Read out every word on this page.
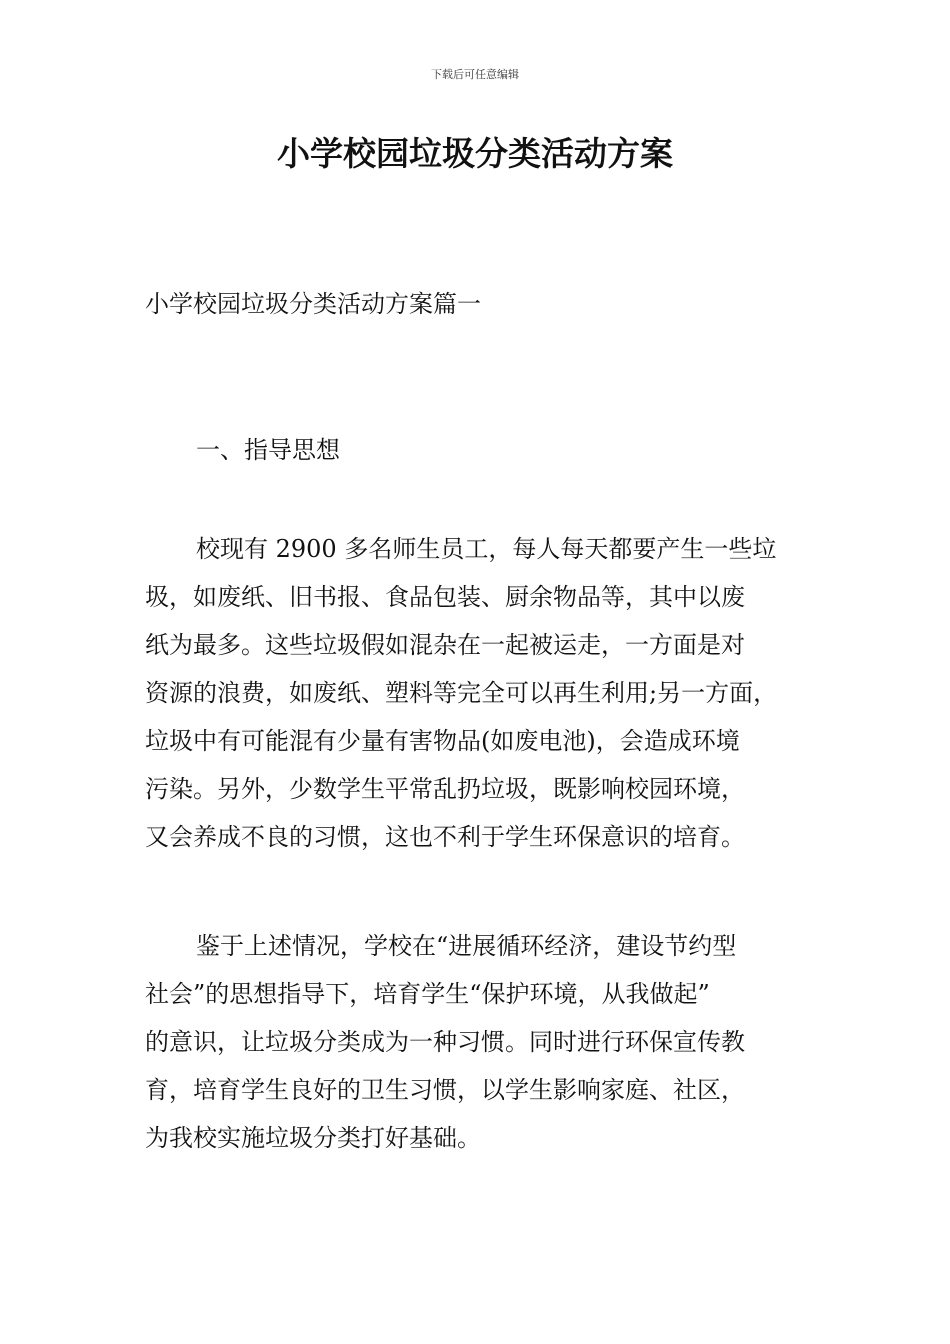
下载后可任意编辑
小学校园垃圾分类活动方案
小学校园垃圾分类活动方案篇一
一、指导思想
校现有 2900 多名师生员工，每人每天都要产生一些垃
圾，如废纸、旧书报、食品包装、厨余物品等，其中以废
纸为最多。这些垃圾假如混杂在一起被运走，一方面是对
资源的浪费，如废纸、塑料等完全可以再生利用;另一方面，
垃圾中有可能混有少量有害物品(如废电池)，会造成环境
污染。另外，少数学生平常乱扔垃圾，既影响校园环境，
又会养成不良的习惯，这也不利于学生环保意识的培育。
鉴于上述情况，学校在“进展循环经济，建设节约型
社会”的思想指导下，培育学生“保护环境，从我做起”
的意识，让垃圾分类成为一种习惯。同时进行环保宣传教
育，培育学生良好的卫生习惯，以学生影响家庭、社区，
为我校实施垃圾分类打好基础。
